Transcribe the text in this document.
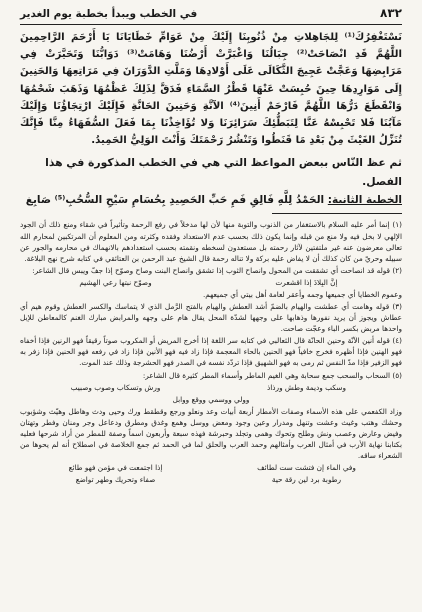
٨٣٢
في الخطب ويبدأ بخطبة يوم الغدير

نَسْتَغْفِرُكَ⁽¹⁾ لِلجَاهِلاتِ مِنْ ذُنُوبِنَا إِلَيْكَ مِنْ عَوَامِّ خَطَايَانَا يَا أَرْحَمَ الرَّاحِمِينَ اللَّهُمَّ قَدِ انْصَاحَتْ⁽²⁾ جِبَالُنَا وَاغْبَرَّتْ أَرْضُنَا وَهَامَتْ⁽³⁾ دَوَابُّنَا وَتَحَيَّرَتْ فِي مَرَابِضِهَا وَعَجَّتْ عَجِيجَ الثَّكَالَى عَلَى أَوْلادِهَا وَمَلَّتِ الدَّوَرَانَ فِي مَرَاتِعِهَا وَالحَنِينَ إِلَى مَوَارِدِهَا حِينَ حُبِسَتْ عَنْهَا قَطْرُ السَّمَاءِ فَدَقَّ لِذَلِكَ عَظْمُهَا وَذَهَبَ شَحْمُهَا وَانْقَطَعَ دَرُّهَا اللَّهُمَّ فَارْحَمْ أَنِينَ⁽⁴⁾ الآنَّةِ وَحَنِينَ الحَانَّةِ فَإِلَيْكَ ارْتِجَاؤُنَا وَإِلَيْكَ مَآبُنَا فَلا تَحْبِسْهُ عَنَّا لِتَبَطُّئِكَ سَرَائِرَنَا وَلا تُؤَاخِذْنَا بِمَا فَعَلَ السُّفَهَاءُ مِنَّا فَإِنَّكَ تُنَزِّلُ الغَيْثَ مِنْ بَعْدِ مَا قَنَطُوا وَتَنْشُرُ رَحْمَتَكَ وَأَنْتَ الوَلِيُّ الحَمِيدُ.

ثم عظ النّاس ببعض المواعظ التي هي في الخطب المذكورة في هذا الفصل.

الخطبة الثانية: الحَمْدُ لِلَّهِ فَالِقِ فَمِ حَبِّ الحَصِيدِ بِحُسَامِ سَيْحِ السُّحُبِ⁽⁵⁾ صَابِغ

(١) إنما أمر عليه السلام بالاستغفار من الذنوب والتوبة منها لأن لها مدخلاً في رفع الرحمة وتأثيراً في شقاء ومنع ذلك أن الجود الإلهي لا بخل فيه ولا منع من قبله وإنما يكون ذلك بحسب عدم الاستعداد وفقده وكثرته ومن المعلوم أن المرتكبين لمحارم الله تعالى معرضون عنه غير ملتفتين لآثار رحمته بل مستعدون لسخطه ونقمته بحسب استعدادهم بالانهماك في محارمه والجور عن سبيله وحريّ من كان كذلك أن لا يفاض عليه بركة ولا تناله رحمة قال الشيخ عبد الرحمن بن العتائقي في كتابه شرح نهج البلاغة.

(٢) قوله قد انصاحت أي تشققت من المحول وانصاح الثوب إذا تشقق وانصاح البنت وصاح وصوّح إذا جفّ ويبس قال الشاعر:

إنَّ البِلادَ إذا اقشعرت
وصوّح نبتها رعي الهشيم

وعموم الخطايا أي جميعها وجمه وأعقر لعامة أهل بيتي أي جميعهم.

(٣) قوله وهامت أي عطشت والهيام بالضمّ أشد العطش والهيام بالفتح الرَّمل الذي لا يتماسك والكسر العطش وقوم هيم أي عطاش ويجوز أن يريد نفورها وذهابها على وجهها لشدّة المحل يقال هام على وجهه والمرابض مبارك الغنم كالمعاطن للإبل واحدها مربض بكسر الباء وعجّت صاحت.

(٤) قوله أنين الآنّة وحنين الحانّة قال الثعالبي في كتابه سر اللغة إذا أخرج المريض أو المكروب صوتاً رقيقاً فهو الرنين فإذا أخفاه فهو الهنين فإذا أظهره فخرج خافياً فهو الحنين بالحاء المعجمة فإذا زاد فيه فهو الأنين فإذا زاد في رفعه فهو الحنين فإذا زفر به فهو الزفير فإذا مدّ النفس ثم رمى به فهو الشهيق فإذا تردّد نفسه في الصدر فهو الحشرجة وذلك عند الموت.

(٥) السحاب والسحب جمع سحابة وهي الغيم الماطر وأسماء المطر كثيرة قال الشاعر:

وسكب وديمة وطش ورذاذ
ورش وتسكاب وصوب وصبيب
وولي ووسمي ووقع ووابل

وزاد الكفعمي على هذه الأسماء وصفات الأمطار أربعة أبيات وعد ونعلو ورجع وقطقط ورك وحيى ودث وهاطل وهيّث وشؤبوب وحشك وهتب وغيث وعشت وتنهل ومدرار وعين وجود ومعض ووسل وهمع وغدق ومطرق ودعاعل وجر ومنان وفطر وتهتان وفيض وعارض وعصب ونش وطلح وتحوك وهمى وتجلد وحبرشة فهذه سبعة وأربعون اسماً وصفة للمطر من أراد شرحها فعليه بكتابنا نهاية الأرب في أمثال العرب وأمثالهم وحمد العرب والحلق لما في الحمد ثم جمع الخلاصة في اصطلاح أنه لم يحوها من الشعراء ساقه.

وفي الماء إن فتشت ست لطائف
إذا اجتمعت في مؤمن فهو طائع
رطوبة برد لين رقة حية
صفاء وتحريك وطهر تواضع
